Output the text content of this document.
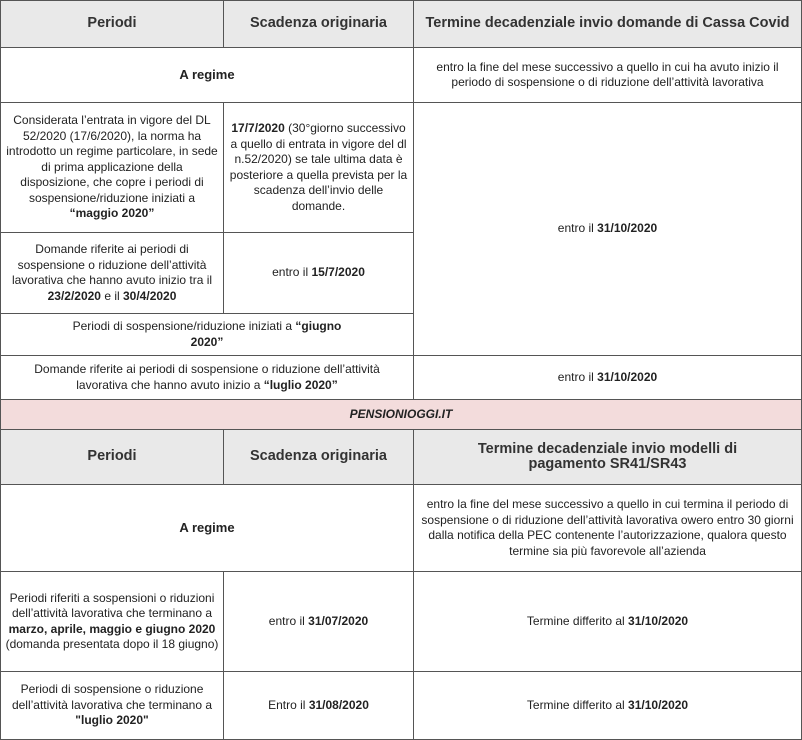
Periodi	Scadenza originaria	Termine decadenziale invio domande di Cassa Covid
A regime		entro la fine del mese successivo a quello in cui ha avuto inizio il periodo di sospensione o di riduzione dell’attività lavorativa
Considerata l’entrata in vigore del DL 52/2020 (17/6/2020), la norma ha introdotto un regime particolare, in sede di prima applicazione della disposizione, che copre i periodi di sospensione/riduzione iniziati a “maggio 2020”	17/7/2020 (30°giorno successivo a quello di entrata in vigore del dl n.52/2020) se tale ultima data è posteriore a quella prevista per la scadenza dell’invio delle domande.	entro il 31/10/2020
Domande riferite ai periodi di sospensione o riduzione dell’attività lavorativa che hanno avuto inizio tra il 23/2/2020 e il 30/4/2020	entro il 15/7/2020	
Periodi di sospensione/riduzione iniziati a “giugno 2020”		
Domande riferite ai periodi di sospensione o riduzione dell’attività lavorativa che hanno avuto inizio a “luglio 2020”		entro il 31/10/2020
PENSIONIOGGI.IT		
Periodi	Scadenza originaria	Termine decadenziale invio modelli di pagamento SR41/SR43
A regime		entro la fine del mese successivo a quello in cui termina il periodo di sospensione o di riduzione dell’attività lavorativa owero entro 30 giorni dalla notifica della PEC contenente l’autorizzazione, qualora questo termine sia più favorevole all’azienda
Periodi riferiti a sospensioni o riduzioni dell’attività lavorativa che terminano a marzo, aprile, maggio e giugno 2020 (domanda presentata dopo il 18 giugno)	entro il 31/07/2020	Termine differito al 31/10/2020
Periodi di sospensione o riduzione dell’attività lavorativa che terminano a "luglio 2020"	Entro il 31/08/2020	Termine differito al 31/10/2020
